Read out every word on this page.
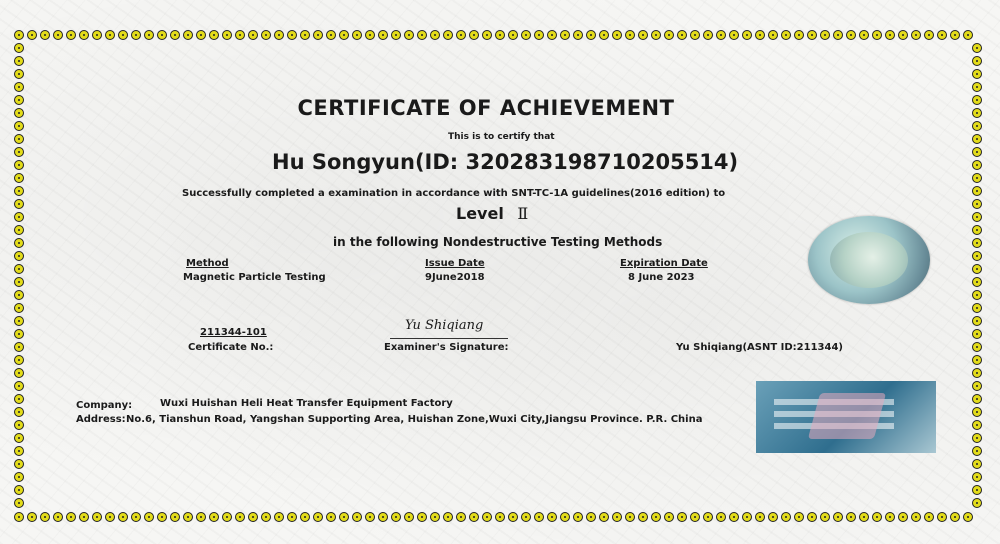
CERTIFICATE OF ACHIEVEMENT
This is to certify that
Hu Songyun(ID: 320283198710205514)
Successfully completed a examination in accordance with SNT-TC-1A guidelines(2016 edition) to
Level Ⅱ
in the following Nondestructive Testing Methods
Method	Issue Date	Expiration Date
Magnetic Particle Testing	9June2018	8 June 2023
211344-101
Certificate No.:
Yu Shiqiang
Examiner's Signature:	Yu Shiqiang(ASNT ID:211344)
Company:	Wuxi Huishan Heli Heat Transfer Equipment Factory
Address: No.6, Tianshun Road, Yangshan Supporting Area, Huishan Zone,Wuxi City,Jiangsu Province. P.R. China
